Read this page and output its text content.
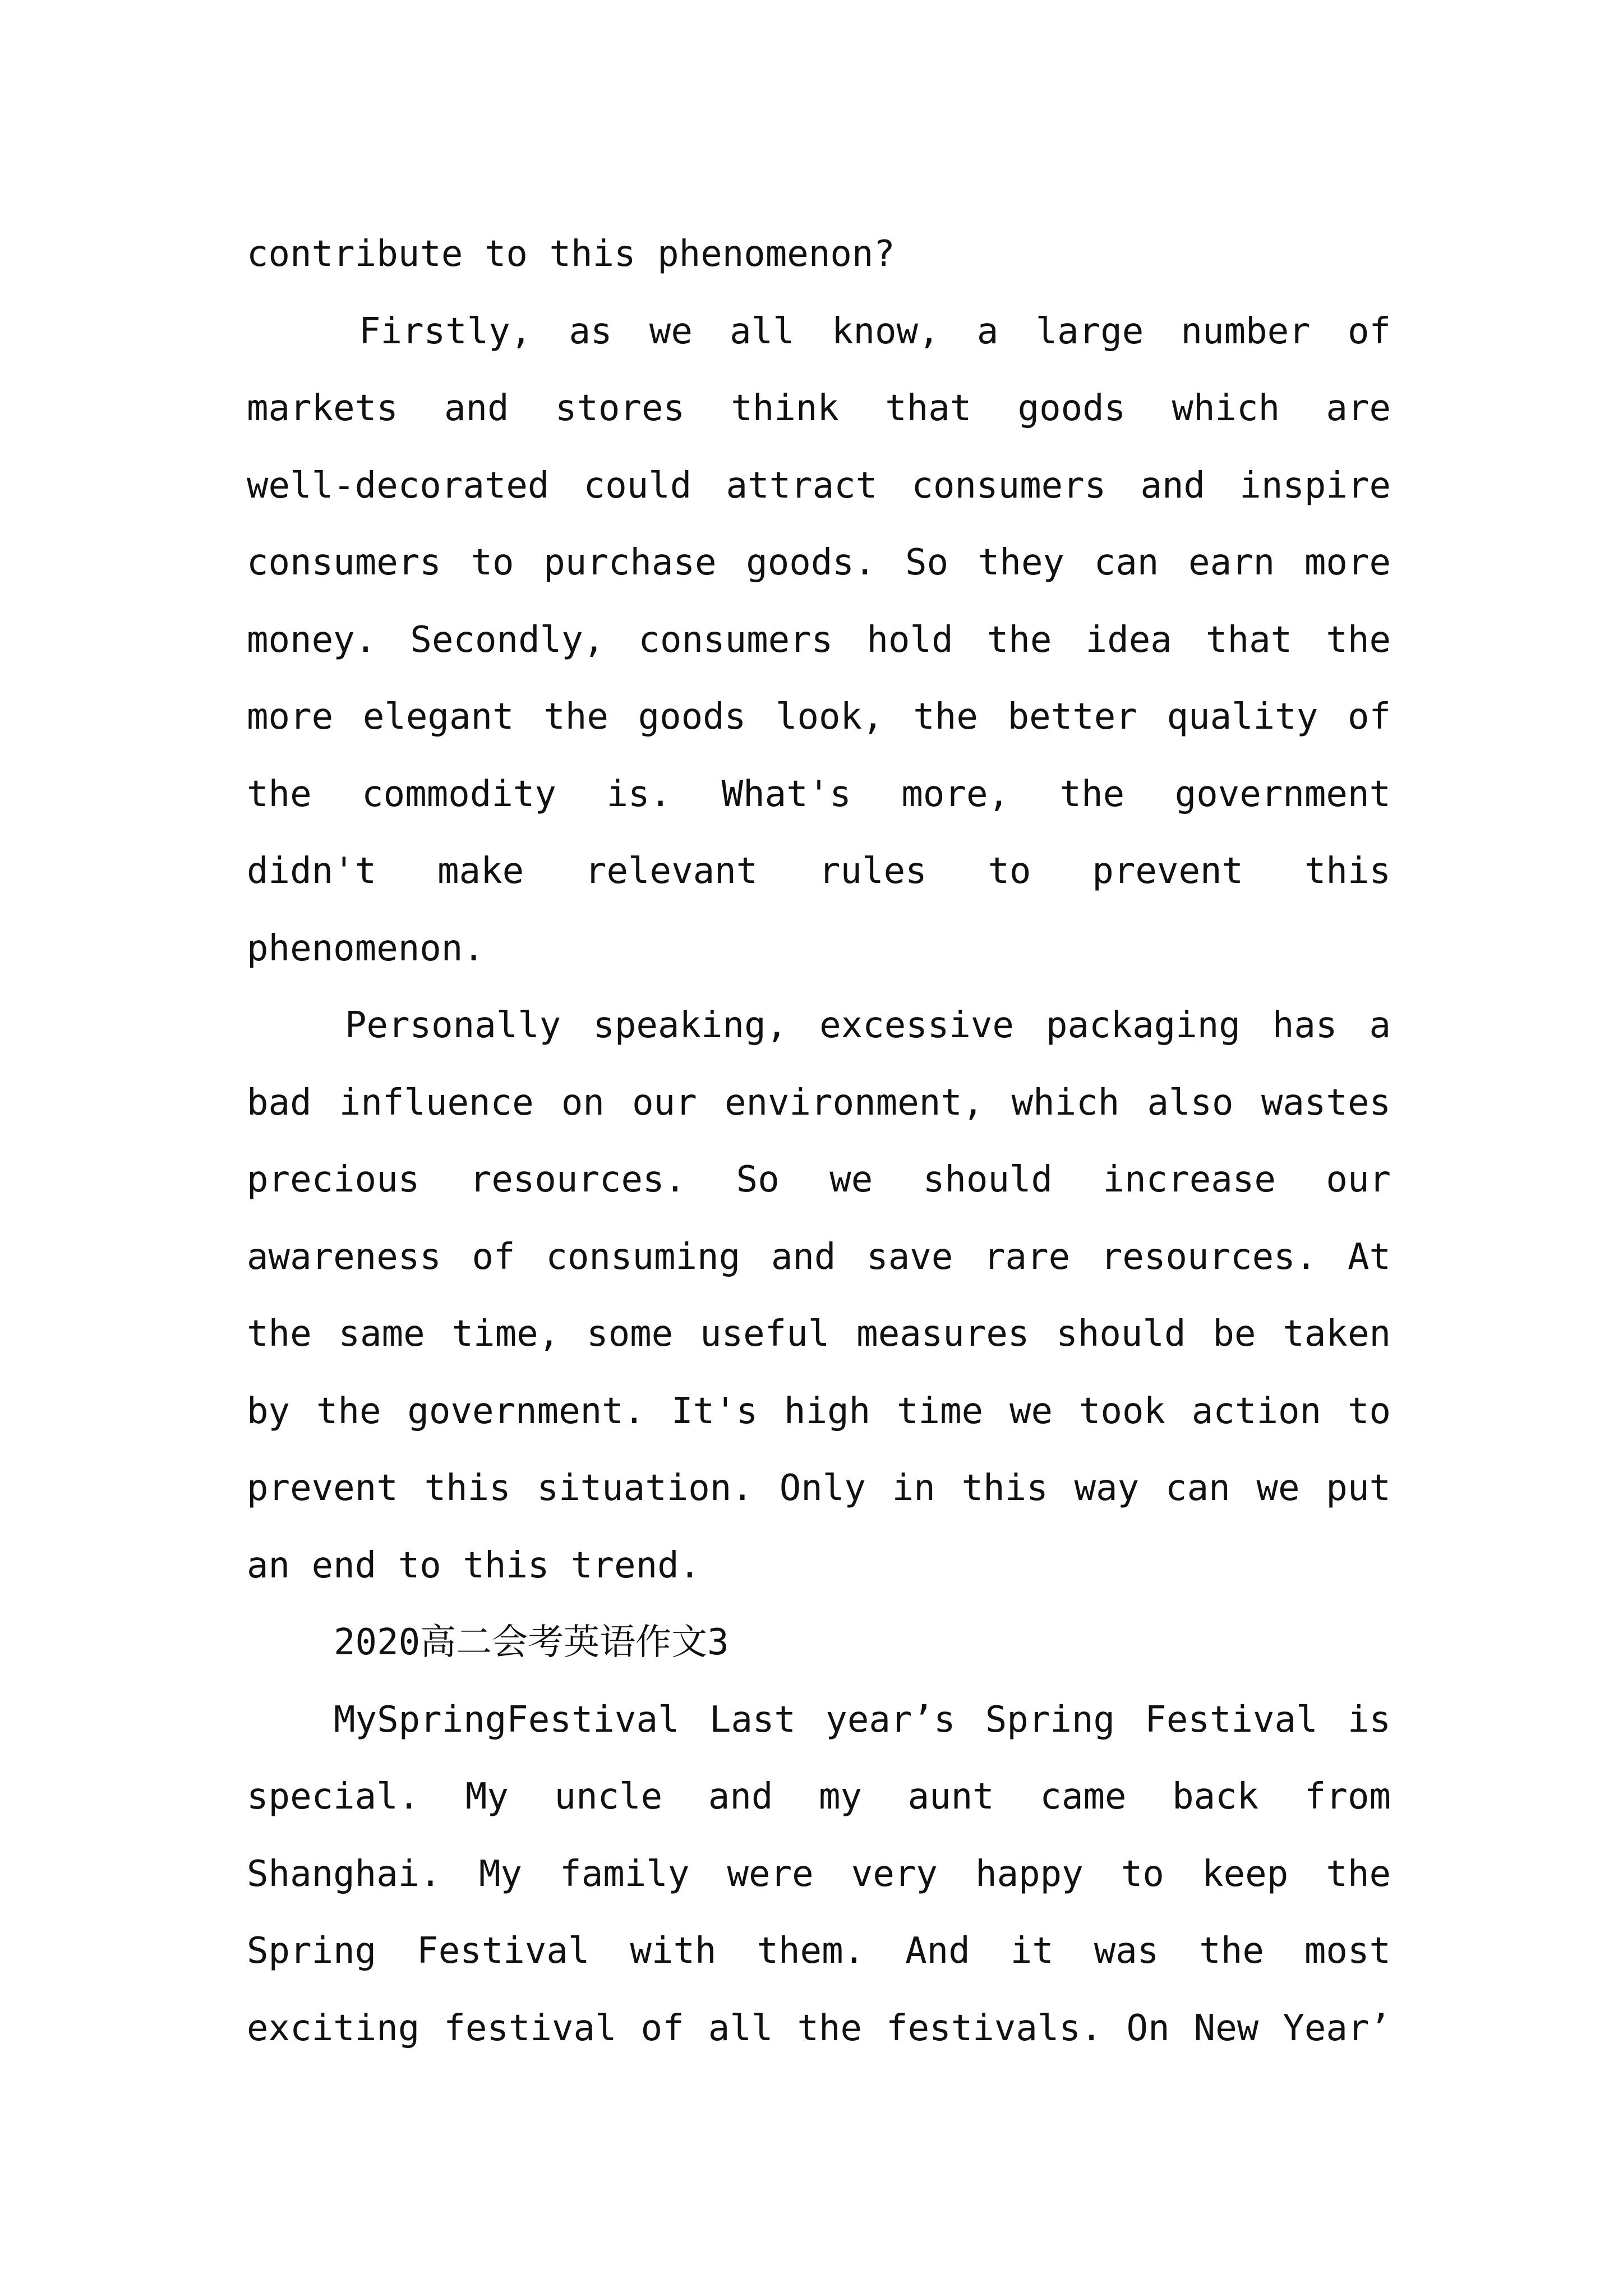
contribute to this phenomenon?
Firstly, as we all know, a large number of
markets and stores think that goods which are
well-decorated could attract consumers and inspire
consumers to purchase goods. So they can earn more
money. Secondly, consumers hold the idea that the
more elegant the goods look, the better quality of
the commodity is. What's more, the government
didn't make relevant rules to prevent this
phenomenon.
Personally speaking, excessive packaging has a
bad influence on our environment, which also wastes
precious resources. So we should increase our
awareness of consuming and save rare resources. At
the same time, some useful measures should be taken
by the government. It's high time we took action to
prevent this situation. Only in this way can we put
an end to this trend.
2020高二会考英语作文3
MySpringFestival Last year’s Spring Festival is
special. My uncle and my aunt came back from
Shanghai. My family were very happy to keep the
Spring Festival with them. And it was the most
exciting festival of all the festivals. On New Year’
